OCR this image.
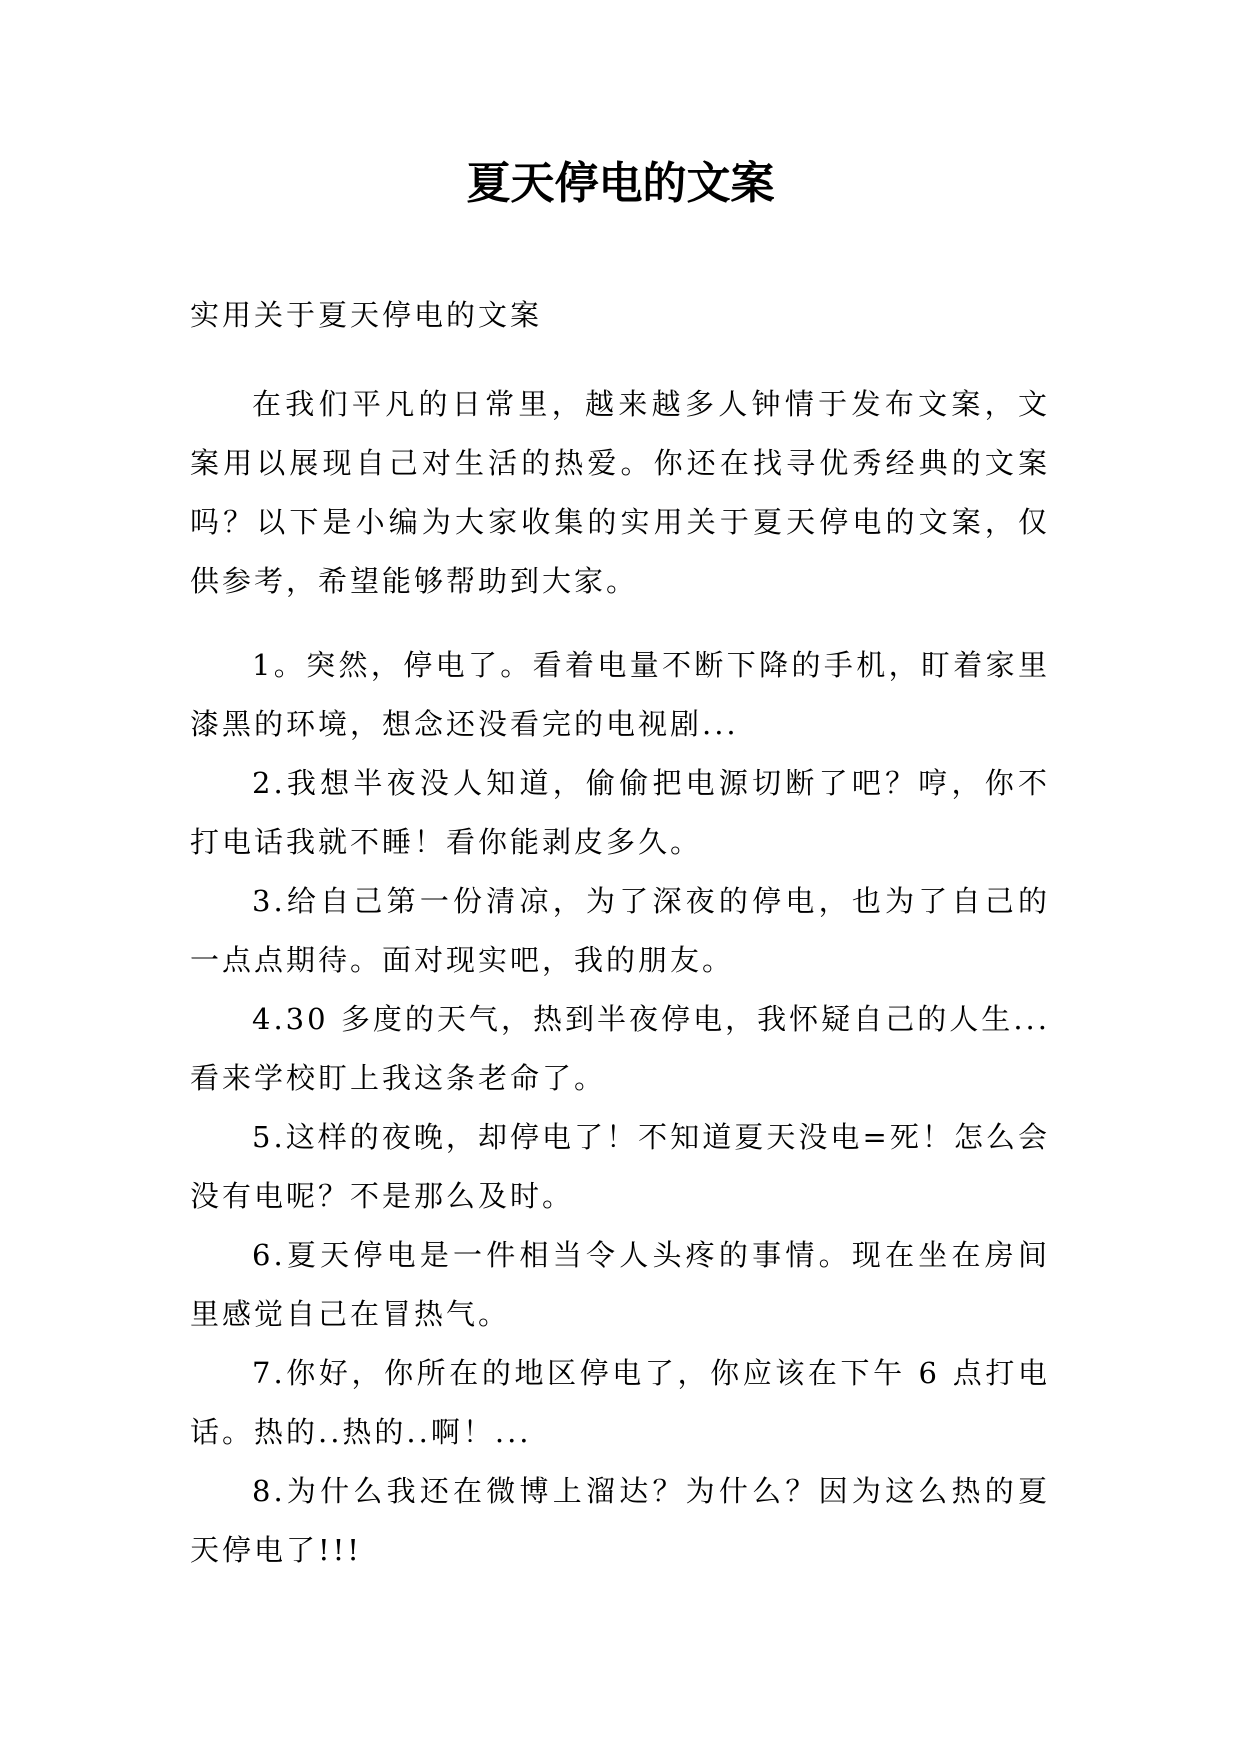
夏天停电的文案
实用关于夏天停电的文案

在我们平凡的日常里，越来越多人钟情于发布文案，文案用以展现自己对生活的热爱。你还在找寻优秀经典的文案吗？以下是小编为大家收集的实用关于夏天停电的文案，仅供参考，希望能够帮助到大家。

1。突然，停电了。看着电量不断下降的手机，盯着家里漆黑的环境，想念还没看完的电视剧...

2.我想半夜没人知道，偷偷把电源切断了吧？哼，你不打电话我就不睡！看你能剥皮多久。

3.给自己第一份清凉，为了深夜的停电，也为了自己的一点点期待。面对现实吧，我的朋友。

4.30 多度的天气，热到半夜停电，我怀疑自己的人生...看来学校盯上我这条老命了。

5.这样的夜晚，却停电了！不知道夏天没电=死！怎么会没有电呢？不是那么及时。

6.夏天停电是一件相当令人头疼的事情。现在坐在房间里感觉自己在冒热气。

7.你好，你所在的地区停电了，你应该在下午 6 点打电话。热的..热的..啊！...

8.为什么我还在微博上溜达？为什么？因为这么热的夏天停电了!!!
